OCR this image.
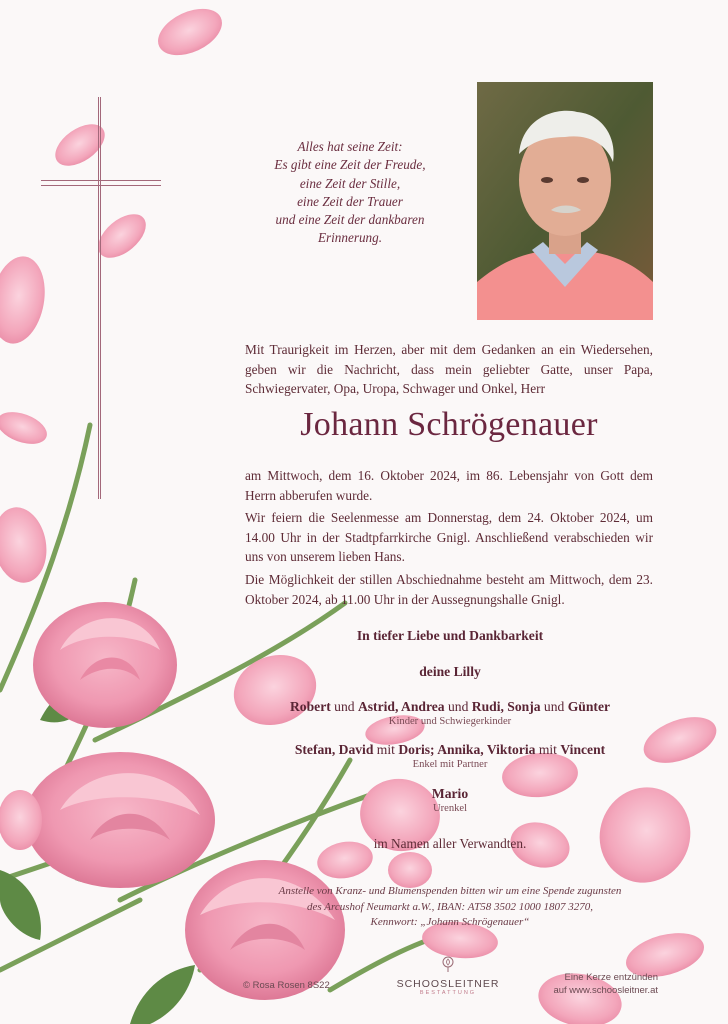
Alles hat seine Zeit:
Es gibt eine Zeit der Freude,
eine Zeit der Stille,
eine Zeit der Trauer
und eine Zeit der dankbaren
Erinnerung.
Mit Traurigkeit im Herzen, aber mit dem Gedanken an ein Wiedersehen, geben wir die Nachricht, dass mein geliebter Gatte, unser Papa, Schwiegervater, Opa, Uropa, Schwager und Onkel, Herr
Johann Schrögenauer
am Mittwoch, dem 16. Oktober 2024, im 86. Lebensjahr von Gott dem Herrn abberufen wurde.
Wir feiern die Seelenmesse am Donnerstag, dem 24. Oktober 2024, um 14.00 Uhr in der Stadtpfarrkirche Gnigl. Anschließend verabschieden wir uns von unserem lieben Hans.
Die Möglichkeit der stillen Abschiednahme besteht am Mittwoch, dem 23. Oktober 2024, ab 11.00 Uhr in der Aussegnungshalle Gnigl.
In tiefer Liebe und Dankbarkeit
deine Lilly
Robert und Astrid, Andrea und Rudi, Sonja und Günter
Kinder und Schwiegerkinder
Stefan, David mit Doris; Annika, Viktoria mit Vincent
Enkel mit Partner
Mario
Urenkel
im Namen aller Verwandten.
Anstelle von Kranz- und Blumenspenden bitten wir um eine Spende zugunsten
des Arcushof Neumarkt a.W., IBAN: AT58 3502 1000 1807 3270,
Kennwort: „Johann Schrögenauer“
© Rosa Rosen 8S22	SCHOOSLEITNER
BESTATTUNG
Eine Kerze entzünden
auf www.schoosleitner.at
